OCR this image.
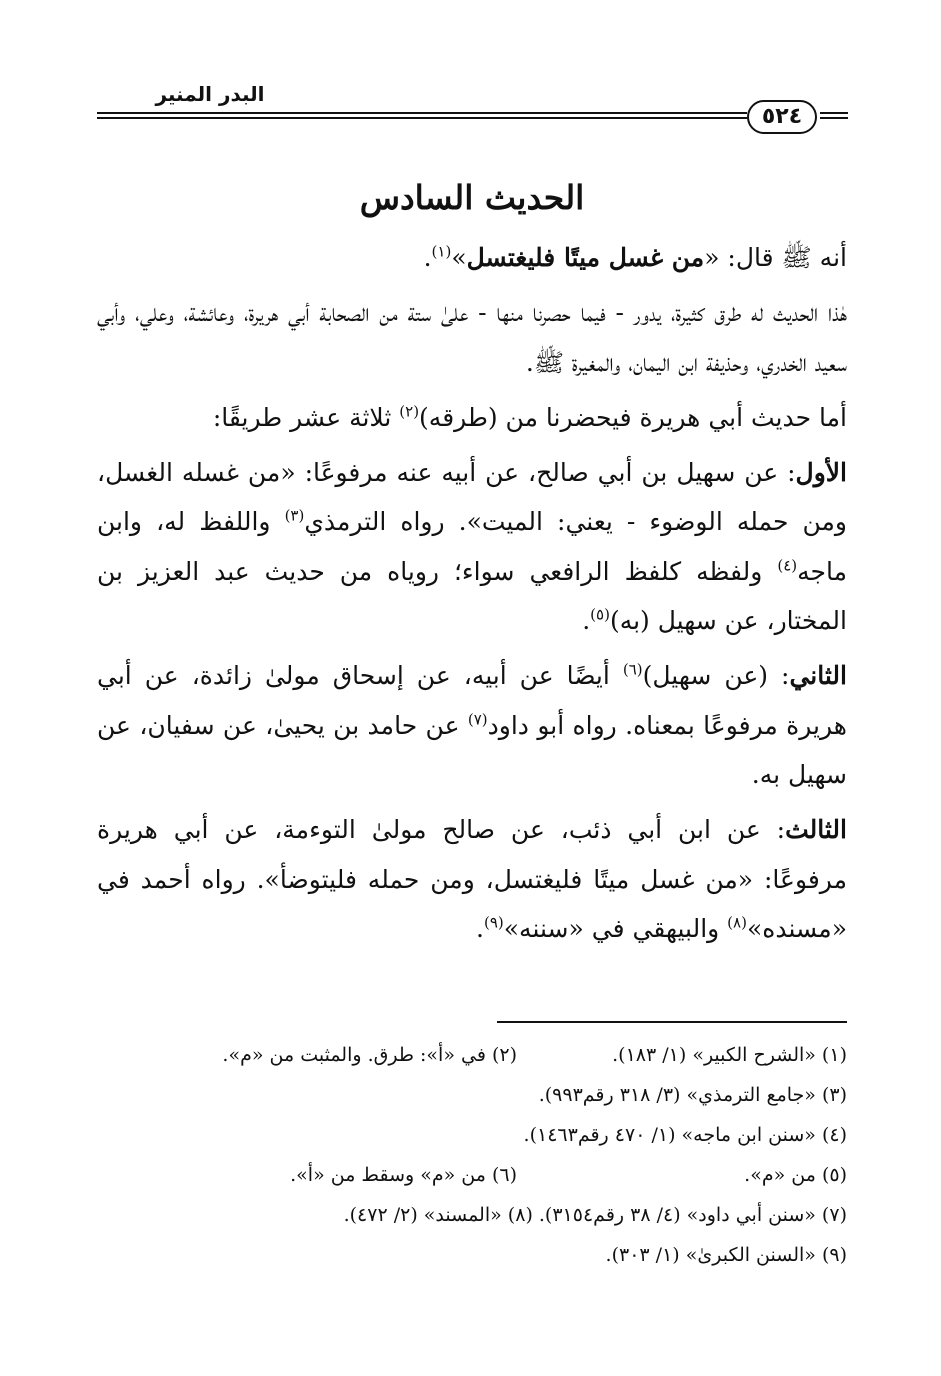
٥٢٤
البدر المنير
الحديث السادس

أنه ﷺ قال: «من غسل ميتًا فليغتسل»$^{(١)}$.

هٰذا الحديث له طرق كثيرة، يدور - فيما حصرنا منها - علىٰ ستة من الصحابة أبي هريرة، وعائشة، وعلي، وأبي سعيد الخدري، وحذيفة ابن اليمان، والمغيرة ﷺ.

أما حديث أبي هريرة فيحضرنا من (طرقه)$^{(٢)}$ ثلاثة عشر طريقًا:

الأول: عن سهيل بن أبي صالح، عن أبيه عنه مرفوعًا: «من غسله الغسل، ومن حمله الوضوء - يعني: الميت». رواه الترمذي$^{(٣)}$ واللفظ له، وابن ماجه$^{(٤)}$ ولفظه كلفظ الرافعي سواء؛ روياه من حديث عبد العزيز بن المختار، عن سهيل (به)$^{(٥)}$.

الثاني: (عن سهيل)$^{(٦)}$ أيضًا عن أبيه، عن إسحاق مولىٰ زائدة، عن أبي هريرة مرفوعًا بمعناه. رواه أبو داود$^{(٧)}$ عن حامد بن يحيىٰ، عن سفيان، عن سهيل به.

الثالث: عن ابن أبي ذئب، عن صالح مولىٰ التوءمة، عن أبي هريرة مرفوعًا: «من غسل ميتًا فليغتسل، ومن حمله فليتوضأ». رواه أحمد في «مسنده»$^{(٨)}$ والبيهقي في «سننه»$^{(٩)}$.

(١) «الشرح الكبير» (١/ ١٨٣).
(٢) في «أ»: طرق. والمثبت من «م».
(٣) «جامع الترمذي» (٣/ ٣١٨ رقم٩٩٣).
(٤) «سنن ابن ماجه» (١/ ٤٧٠ رقم١٤٦٣).
(٥) من «م».
(٦) من «م» وسقط من «أ».
(٧) «سنن أبي داود» (٤/ ٣٨ رقم٣١٥٤). (٨) «المسند» (٢/ ٤٧٢).
(٩) «السنن الكبرىٰ» (١/ ٣٠٣).
